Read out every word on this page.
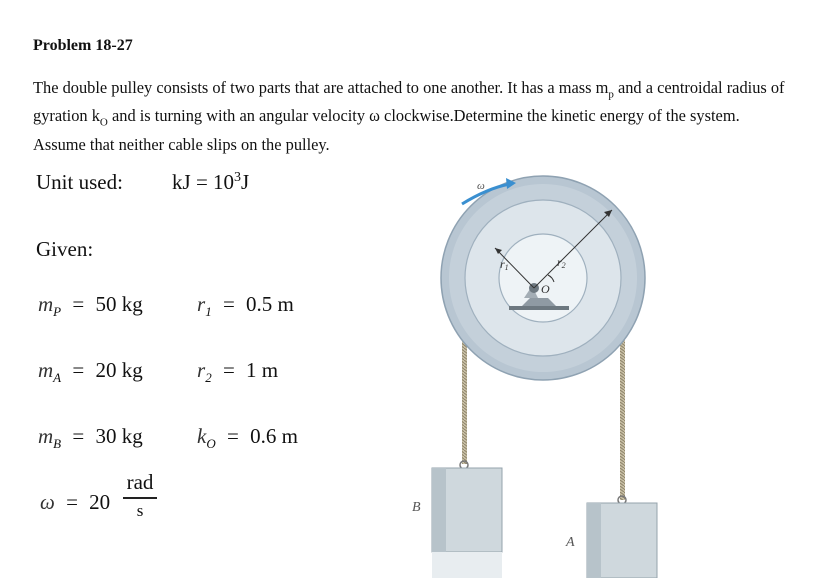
Problem 18-27
The double pulley consists of two parts that are attached to one another. It has a mass $m_p$ and a centroidal radius of gyration $k_O$ and is turning with an angular velocity ω clockwise.Determine the kinetic energy of the system. Assume that neither cable slips on the pulley.
Unit used: kJ = $10^3J$
Given:
$m_P = 50$ kg
$m_A = 20$ kg
$m_B = 30$ kg
$r_1 = 0.5$ m
$r_2 = 1$ m
$k_O = 0.6$ m
ω = 20
rad
s
r1	r2
O
ω
B
A
